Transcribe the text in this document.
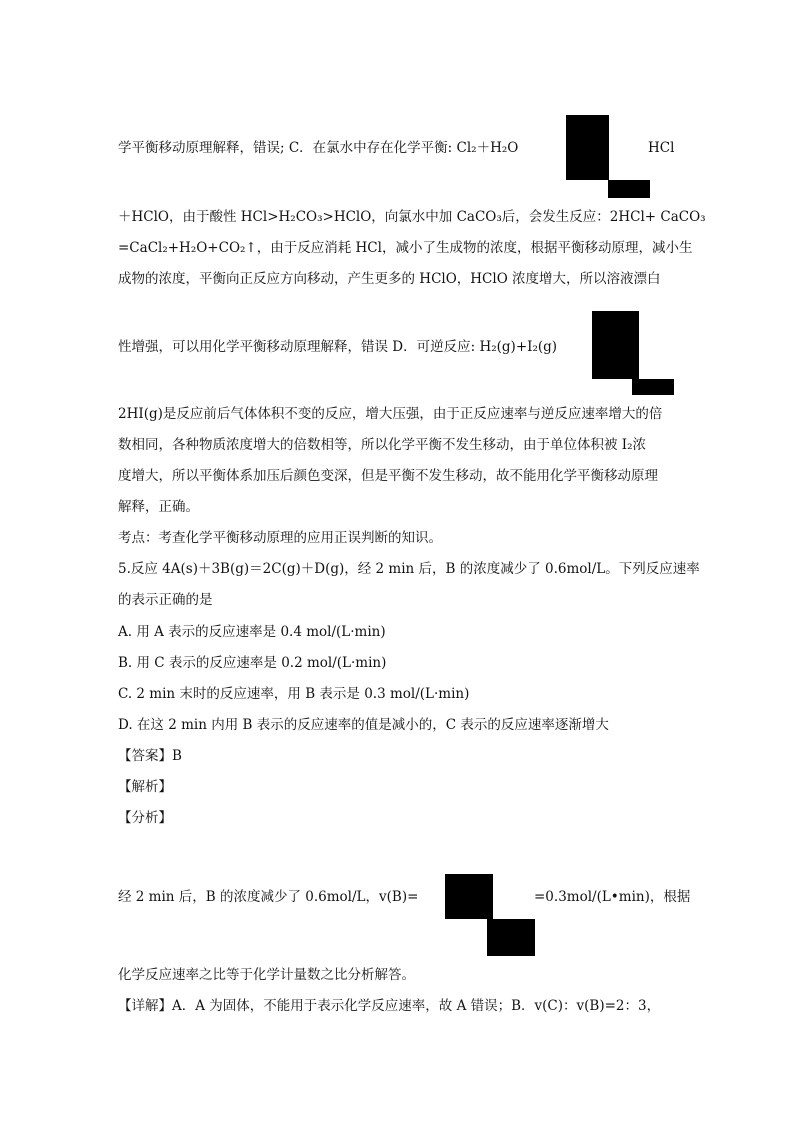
学平衡移动原理解释，错误; C．在氯水中存在化学平衡: Cl₂＋H₂O	HCl
＋HClO，由于酸性 HCl>H₂CO₃>HClO，向氯水中加 CaCO₃后，会发生反应：2HCl+ CaCO₃
=CaCl₂+H₂O+CO₂↑，由于反应消耗 HCl，减小了生成物的浓度，根据平衡移动原理，减小生
成物的浓度，平衡向正反应方向移动，产生更多的 HClO，HClO 浓度增大，所以溶液漂白
性增强，可以用化学平衡移动原理解释，错误 D．可逆反应: H₂(g)+I₂(g)
2HI(g)是反应前后气体体积不变的反应，增大压强，由于正反应速率与逆反应速率增大的倍
数相同，各种物质浓度增大的倍数相等，所以化学平衡不发生移动，由于单位体积被 I₂浓
度增大，所以平衡体系加压后颜色变深，但是平衡不发生移动，故不能用化学平衡移动原理
解释，正确。
考点：考查化学平衡移动原理的应用正误判断的知识。
5.反应 4A(s)＋3B(g)＝2C(g)＋D(g)，经 2 min 后，B 的浓度减少了 0.6mol/L。下列反应速率
的表示正确的是
A. 用 A 表示的反应速率是 0.4 mol/(L·min)
B. 用 C 表示的反应速率是 0.2 mol/(L·min)
C. 2 min 末时的反应速率，用 B 表示是 0.3 mol/(L·min)
D. 在这 2 min 内用 B 表示的反应速率的值是减小的，C 表示的反应速率逐渐增大
【答案】B
【解析】
【分析】
经 2 min 后，B 的浓度减少了 0.6mol/L，v(B)=	=0.3mol/(L•min)，根据
化学反应速率之比等于化学计量数之比分析解答。
【详解】A．A 为固体，不能用于表示化学反应速率，故 A 错误；B．v(C)：v(B)=2：3，
